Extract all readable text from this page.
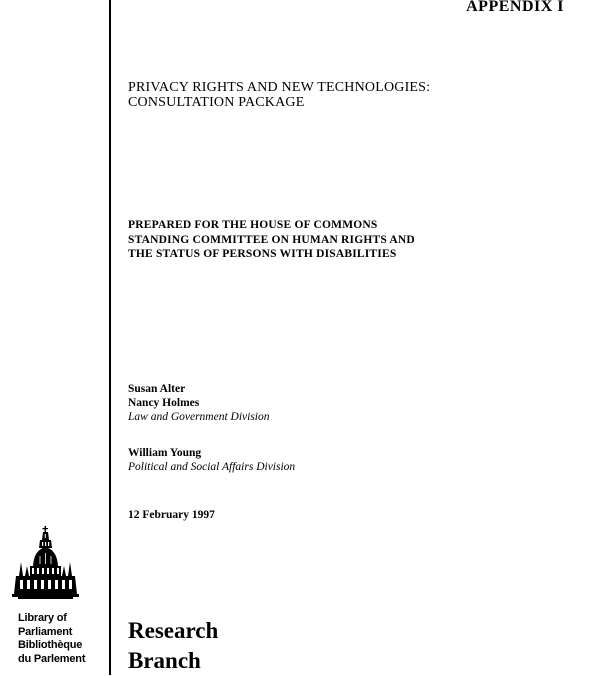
APPENDIX I
PRIVACY RIGHTS AND NEW TECHNOLOGIES:
CONSULTATION PACKAGE
PREPARED FOR THE HOUSE OF COMMONS
STANDING COMMITTEE ON HUMAN RIGHTS AND
THE STATUS OF PERSONS WITH DISABILITIES
Susan Alter
Nancy Holmes
Law and Government Division
William Young
Political and Social Affairs Division
12 February 1997
Library of
Parliament
Bibliothèque
du Parlement
Research
Branch
